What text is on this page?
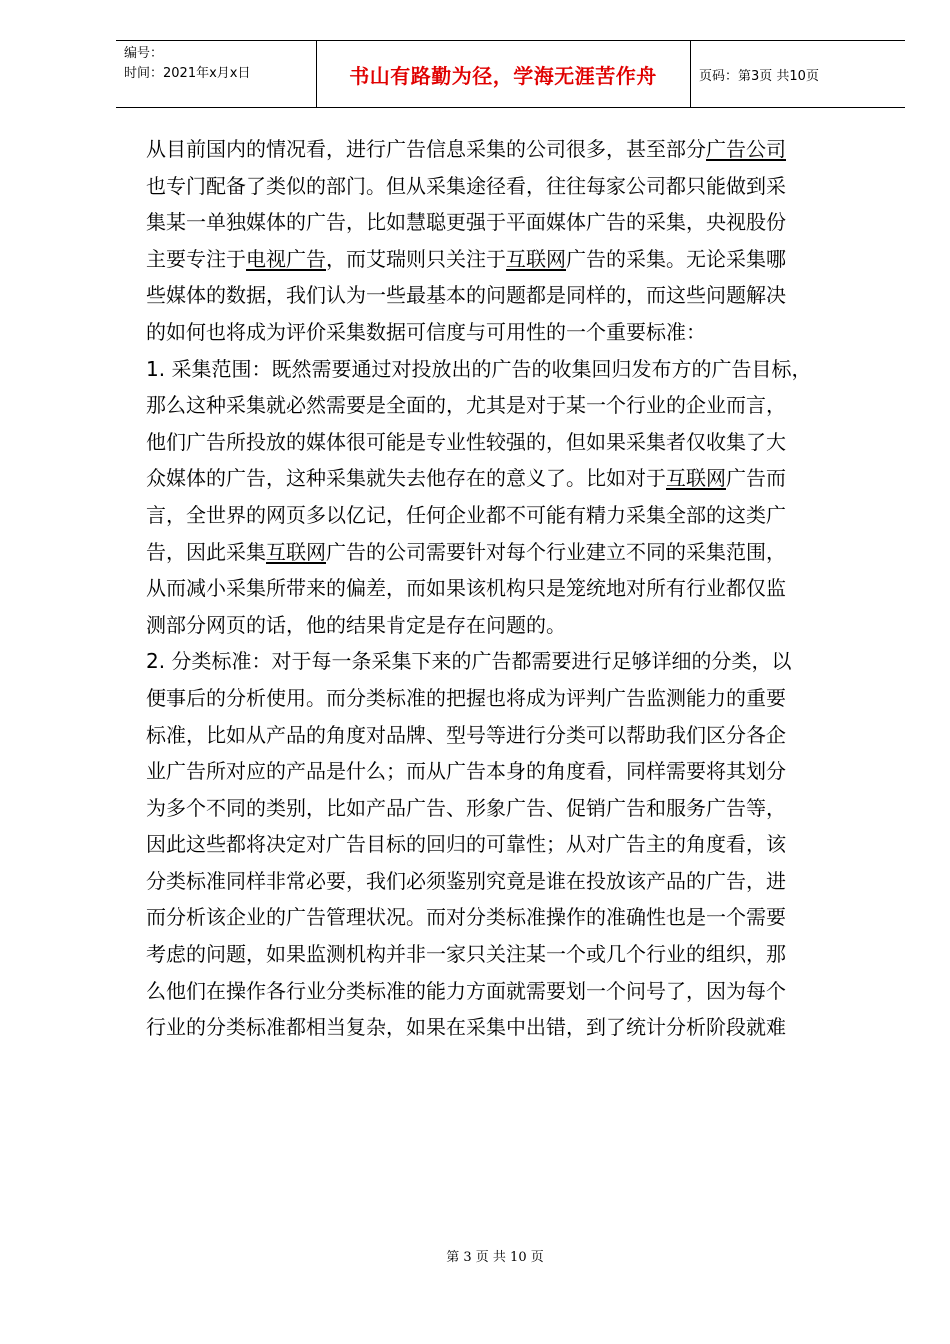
编号：
时间：2021年x月x日	书山有路勤为径，学海无涯苦作舟	页码：第3页 共10页

从目前国内的情况看，进行广告信息采集的公司很多，甚至部分广告公司

也专门配备了类似的部门。但从采集途径看，往往每家公司都只能做到采

集某一单独媒体的广告，比如慧聪更强于平面媒体广告的采集，央视股份

主要专注于电视广告，而艾瑞则只关注于互联网广告的采集。无论采集哪

些媒体的数据，我们认为一些最基本的问题都是同样的，而这些问题解决

的如何也将成为评价采集数据可信度与可用性的一个重要标准：

1. 采集范围：既然需要通过对投放出的广告的收集回归发布方的广告目标，

那么这种采集就必然需要是全面的，尤其是对于某一个行业的企业而言，

他们广告所投放的媒体很可能是专业性较强的，但如果采集者仅收集了大

众媒体的广告，这种采集就失去他存在的意义了。比如对于互联网广告而

言，全世界的网页多以亿记，任何企业都不可能有精力采集全部的这类广

告，因此采集互联网广告的公司需要针对每个行业建立不同的采集范围，

从而减小采集所带来的偏差，而如果该机构只是笼统地对所有行业都仅监

测部分网页的话，他的结果肯定是存在问题的。

2. 分类标准：对于每一条采集下来的广告都需要进行足够详细的分类，以

便事后的分析使用。而分类标准的把握也将成为评判广告监测能力的重要

标准，比如从产品的角度对品牌、型号等进行分类可以帮助我们区分各企

业广告所对应的产品是什么；而从广告本身的角度看，同样需要将其划分

为多个不同的类别，比如产品广告、形象广告、促销广告和服务广告等，

因此这些都将决定对广告目标的回归的可靠性；从对广告主的角度看，该

分类标准同样非常必要，我们必须鉴别究竟是谁在投放该产品的广告，进

而分析该企业的广告管理状况。而对分类标准操作的准确性也是一个需要

考虑的问题，如果监测机构并非一家只关注某一个或几个行业的组织，那

么他们在操作各行业分类标准的能力方面就需要划一个问号了，因为每个

行业的分类标准都相当复杂，如果在采集中出错，到了统计分析阶段就难

第 3 页 共 10 页
